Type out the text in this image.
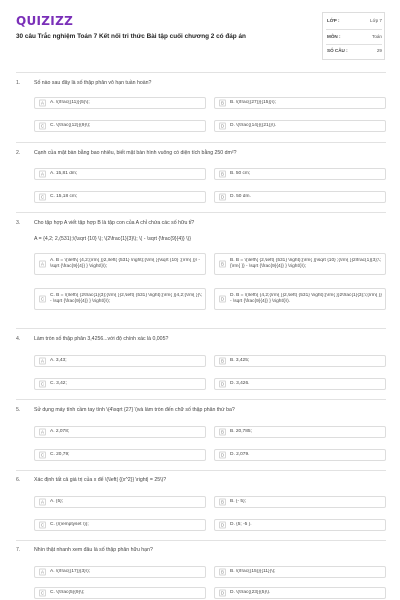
QUIZIZZ
30 câu Trắc nghiệm Toán 7 Kết nối tri thức Bài tập cuối chương 2 có đáp án
LỚP :	Lớp 7
MÔN :	Toán
SỐ CÂU :	29
1.	Số nào sau đây là số thập phân vô hạn tuần hoàn?
A	A. \(\frac{{11}}{5}\);	B	B. \(\frac{{27}}{{15}}\);
C	C. \(\frac{{12}}{9}\);	D	D. \(\frac{{14}}{{21}}\).
2.	Cạnh của mặt bàn bằng bao nhiêu, biết mặt bàn hình vuông có diện tích bằng 250 dm²?
A	A. 15,81 dm;	B	B. 50 cm;
C	C. 15,18 cm;	D	D. 50 dm.
3.	Cho tập hợp A viết tập hợp B là tập con của A chỉ chứa các số hữu tỉ?
A = {4,2; 2,(531);\(\sqrt {10} \); \(2\frac{1}{3}\); \( - \sqrt {\frac{9}{4}} \)}
A
A. B = \(\left\{ {4,2;{\rm{ }}2,\left( {531} \right);{\rm{ }}\sqrt {10} ;{\rm{ }}\ - \sqrt {\frac{9}{4}} } \right\}\);	B
B. B = \(\left\{ {2,\left( {531} \right);{\rm{ }}\sqrt {10} ;{\rm{ }}2\frac{1}{3};\;{\rm{ }} - \sqrt {\frac{9}{4}} } \right\}\);
C
C. B = \(\left\{ {2\frac{1}{3};{\rm{ }}2,\left( {531} \right);{\rm{ }}4,2;{\rm{ }}\; - \sqrt {\frac{9}{4}} } \right\}\);	D
D. B = \(\left\{ {4,2;{\rm{ }}2,\left( {531} \right);{\rm{ }}2\frac{1}{3};\;{\rm{ }} - \sqrt {\frac{9}{4}} } \right\}\).
4.	Làm tròn số thập phân 3,4256...với độ chính xác là 0,005?
A	A. 3,43;	B	B. 3,425;
C	C. 3,42;	D	D. 3,426.
5.	Sử dụng máy tính cầm tay tính \(4\sqrt {27} \)và làm tròn đến chữ số thập phân thứ ba?
A	A. 2,078;	B	B. 20,785;
C	C. 20,79;	D	D. 2,079.
6.	Xác định tất cả giá trị của x để \(\left| {{x^2}} \right| = 25\)?
A	A. {5};	B	B. {- 5};
C	C. {\(\emptyset \)};	D	D. {5; -5 }.
7.	Nhìn thật nhanh xem đâu là số thập phân hữu hạn?
A	A. \(\frac{{17}}{3}\);	B	B. \(\frac{{15}}{{11}}\);
C	C. \(\frac{5}{9}\);	D	D. \(\frac{{23}}{5}\).
